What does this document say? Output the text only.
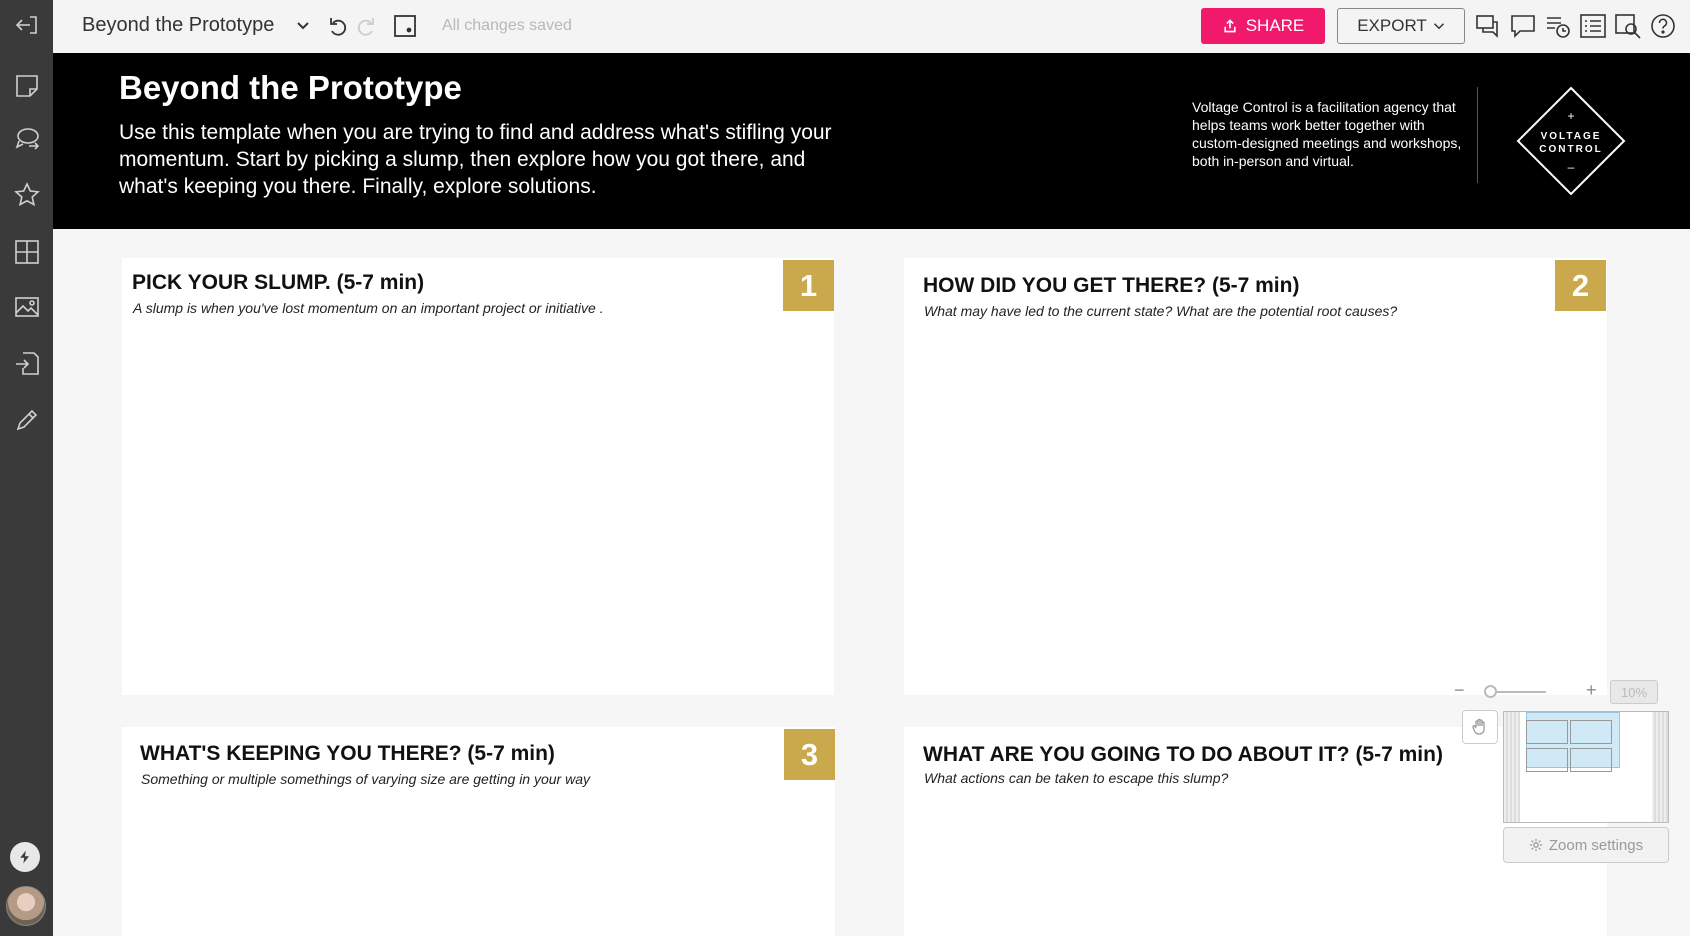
Beyond the Prototype	All changes saved	SHARE	EXPORT
Beyond the Prototype
Use this template when you are trying to find and address what's stifling your momentum. Start by picking a slump, then explore how you got there, and what's keeping you there. Finally, explore solutions.
Voltage Control is a facilitation agency that helps teams work better together with custom-designed meetings and workshops, both in-person and virtual.
+
VOLTAGE
CONTROL
–
PICK YOUR SLUMP. (5-7 min)
A slump is when you've lost momentum on an important project or initiative .
1	HOW DID YOU GET THERE? (5-7 min)
What may have led to the current state? What are the potential root causes?
2
WHAT'S KEEPING YOU THERE? (5-7 min)
Something or multiple somethings of varying size are getting in your way
3	WHAT ARE YOU GOING TO DO ABOUT IT? (5-7 min)
What actions can be taken to escape this slump?
−	+	10%
Zoom settings
